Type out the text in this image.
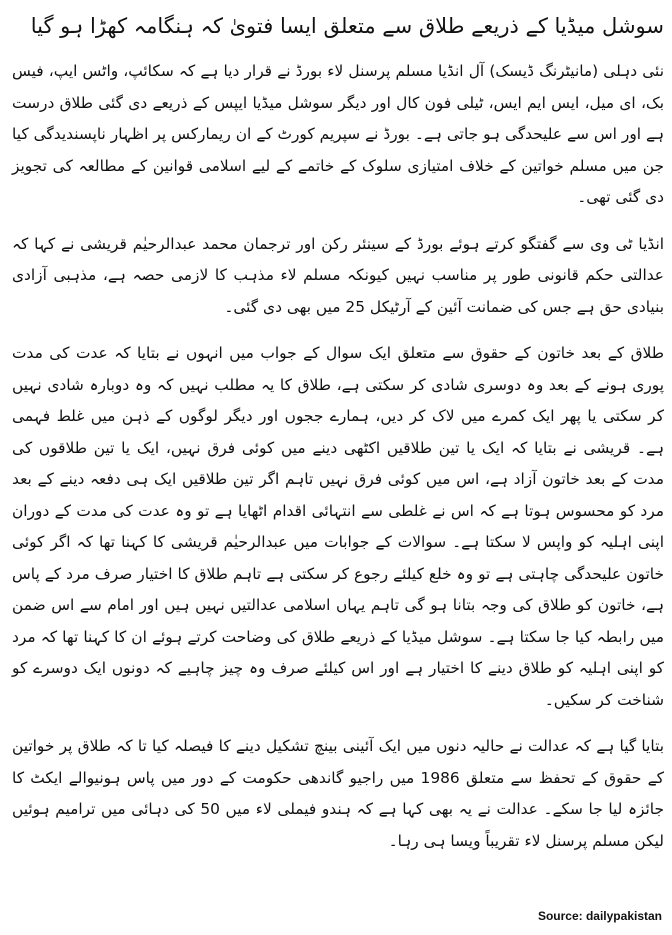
سوشل میڈیا کے ذریعے طلاق سے متعلق ایسا فتویٰ کہ ہنگامہ کھڑا ہو گیا

نئی دہلی (مانیٹرنگ ڈیسک) آل انڈیا مسلم پرسنل لاء بورڈ نے قرار دیا ہے کہ سکائپ، واٹس ایپ، فیس بک، ای میل، ایس ایم ایس، ٹیلی فون کال اور دیگر سوشل میڈیا ایپس کے ذریعے دی گئی طلاق درست ہے اور اس سے علیحدگی ہو جاتی ہے۔ بورڈ نے سپریم کورٹ کے ان ریمارکس پر اظہار ناپسندیدگی کیا جن میں مسلم خواتین کے خلاف امتیازی سلوک کے خاتمے کے لیے اسلامی قوانین کے مطالعہ کی تجویز دی گئی تھی۔

انڈیا ٹی وی سے گفتگو کرتے ہوئے بورڈ کے سینئر رکن اور ترجمان محمد عبدالرحیٰم قریشی نے کہا کہ عدالتی حکم قانونی طور پر مناسب نہیں کیونکہ مسلم لاء مذہب کا لازمی حصہ ہے، مذہبی آزادی بنیادی حق ہے جس کی ضمانت آئین کے آرٹیکل 25 میں بھی دی گئی۔

طلاق کے بعد خاتون کے حقوق سے متعلق ایک سوال کے جواب میں انہوں نے بتایا کہ عدت کی مدت پوری ہونے کے بعد وہ دوسری شادی کر سکتی ہے، طلاق کا یہ مطلب نہیں کہ وہ دوبارہ شادی نہیں کر سکتی یا پھر ایک کمرے میں لاک کر دیں، ہمارے ججوں اور دیگر لوگوں کے ذہن میں غلط فہمی ہے۔ قریشی نے بتایا کہ ایک یا تین طلاقیں اکٹھی دینے میں کوئی فرق نہیں، ایک یا تین طلاقوں کی مدت کے بعد خاتون آزاد ہے، اس میں کوئی فرق نہیں تاہم اگر تین طلاقیں ایک ہی دفعہ دینے کے بعد مرد کو محسوس ہوتا ہے کہ اس نے غلطی سے انتہائی اقدام اٹھایا ہے تو وہ عدت کی مدت کے دوران اپنی اہلیہ کو واپس لا سکتا ہے۔ سوالات کے جوابات میں عبدالرحیٰم قریشی کا کہنا تھا کہ اگر کوئی خاتون علیحدگی چاہتی ہے تو وہ خلع کیلئے رجوع کر سکتی ہے تاہم طلاق کا اختیار صرف مرد کے پاس ہے، خاتون کو طلاق کی وجہ بتانا ہو گی تاہم یہاں اسلامی عدالتیں نہیں ہیں اور امام سے اس ضمن میں رابطہ کیا جا سکتا ہے۔ سوشل میڈیا کے ذریعے طلاق کی وضاحت کرتے ہوئے ان کا کہنا تھا کہ مرد کو اپنی اہلیہ کو طلاق دینے کا اختیار ہے اور اس کیلئے صرف وہ چیز چاہیے کہ دونوں ایک دوسرے کو شناخت کر سکیں۔

بتایا گیا ہے کہ عدالت نے حالیہ دنوں میں ایک آئینی بینچ تشکیل دینے کا فیصلہ کیا تا کہ طلاق پر خواتین کے حقوق کے تحفظ سے متعلق 1986 میں راجیو گاندھی حکومت کے دور میں پاس ہونیوالے ایکٹ کا جائزہ لیا جا سکے۔ عدالت نے یہ بھی کہا ہے کہ ہندو فیملی لاء میں 50 کی دہائی میں ترامیم ہوئیں لیکن مسلم پرسنل لاء تقریباً ویسا ہی رہا۔

Source: dailypakistan
